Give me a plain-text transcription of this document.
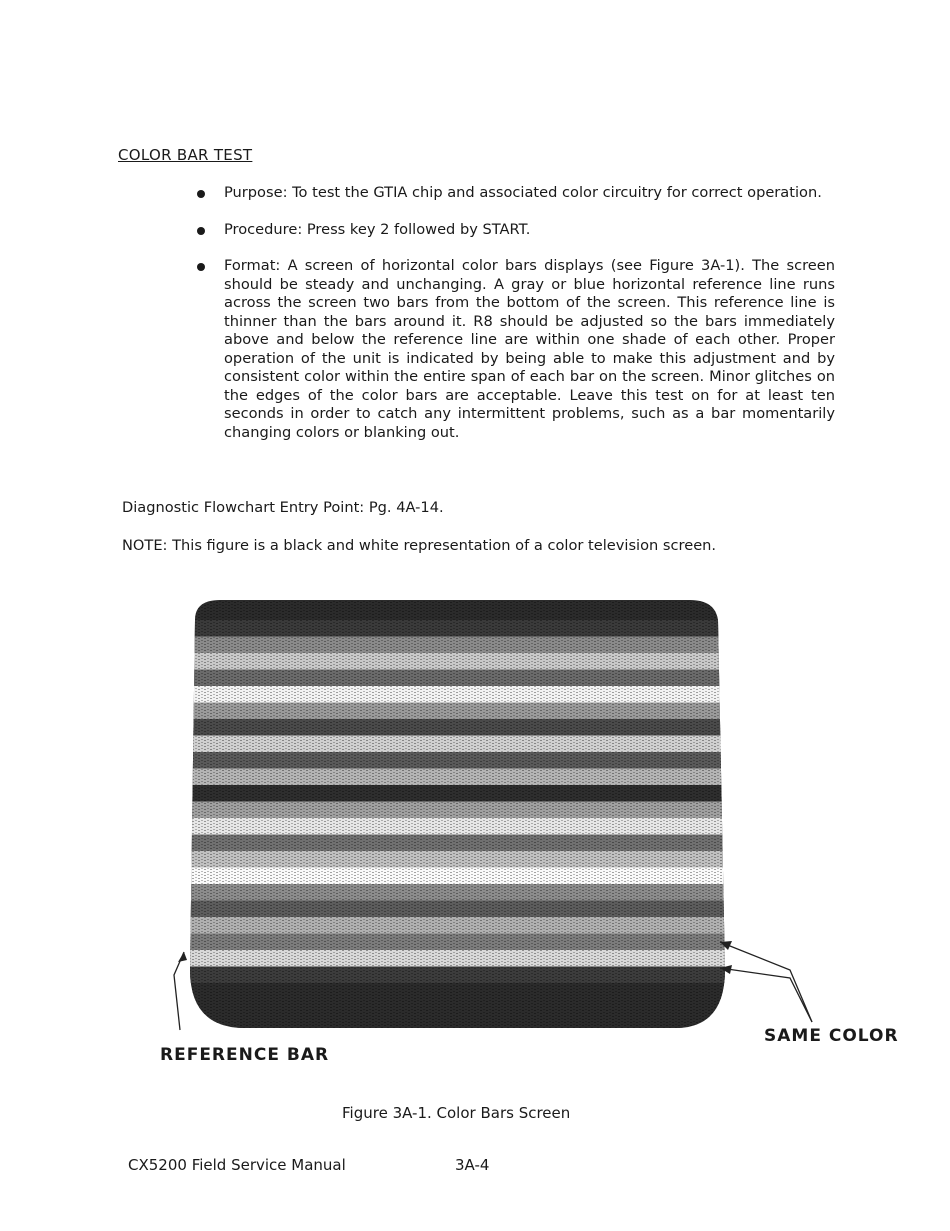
COLOR BAR TEST
Purpose: To test the GTIA chip and associated color circuitry for correct operation.
Procedure: Press key 2 followed by START.
Format: A screen of horizontal color bars displays (see Figure 3A-1). The screen should be steady and unchanging. A gray or blue horizontal reference line runs across the screen two bars from the bottom of the screen. This reference line is thinner than the bars around it. R8 should be adjusted so the bars immediately above and below the reference line are within one shade of each other. Proper operation of the unit is indicated by being able to make this adjustment and by consistent color within the entire span of each bar on the screen. Minor glitches on the edges of the color bars are acceptable. Leave this test on for at least ten seconds in order to catch any intermittent problems, such as a bar momentarily changing colors or blanking out.
Diagnostic Flowchart Entry Point: Pg. 4A-14.
NOTE: This figure is a black and white representation of a color television screen.
REFERENCE BAR
SAME COLOR
Figure 3A-1. Color Bars Screen
CX5200 Field Service Manual	3A-4
